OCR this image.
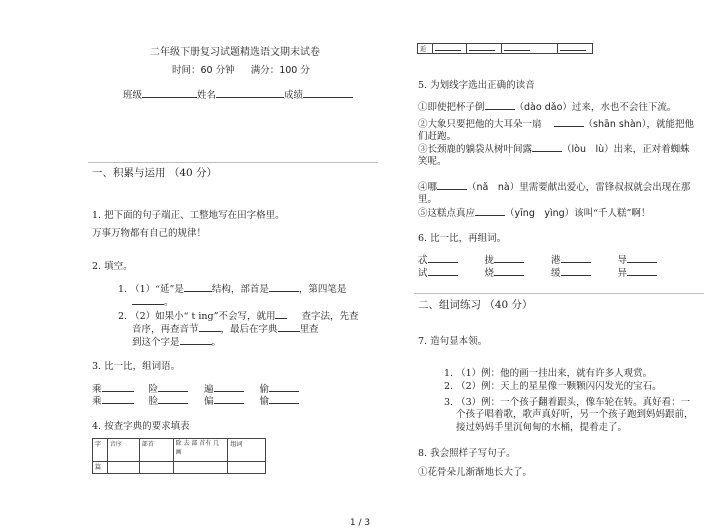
二年级下册复习试题精选语文期末试卷
时间：60 分钟 满分：100 分
班级	姓名	成绩
一、积累与运用 （40 分）
1. 把下面的句子端正、工整地写在田字格里。
万事万物都有自己的规律！
2. 填空。
1. （1）“延”是	结构，部首是	，第四笔是
。
2. （2）如果小“ t ing”不会写，就用	查字法，先查
音序，再查音节 ，最后在字典 里查
到这个字是	。
3. 比一比，组词语。
乘	险	遍	偷
乘	脸	偏	愉
4. 按查字典的要求填表
字	音序	部首	除 去 部 首有 几 画	组词
篇				
逅				
5. 为划线字选出正确的读音
①即使把杯子倒	（dào dǎo）过来，水也不会往下流。
②大象只要把他的大耳朵一扇	（shān shàn），就能把他
们赶跑。
③长颈鹿的躺袋从树叶间露	（lòu　lù）出来，正对着蜘蛛
笑呢。
④哪	（nǎ　nà）里需要献出爱心，雷锋叔叔就会出现在那
里。
⑤这糕点真应	（yīng　yìng）该叫“千人糕”啊！
6. 比一比，再组词。
忒	拢	港	导
试	烧	缓	异
二、组词练习 （40 分）
7. 造句显本领。
1. （1）例：他的画一挂出来，就有许多人观赏。
2. （2）例：天上的星星像一颗颗闪闪发光的宝石。
3. （3）例：一个孩子翻着跟头，像车轮在转。真好看：一
个孩子唱着歌，歌声真好听，另一个孩子跑到妈妈跟前，
接过妈妈手里沉甸甸的水桶，提着走了。
8. 我会照样子写句子。
①花骨朵儿渐渐地长大了。
1 / 3
